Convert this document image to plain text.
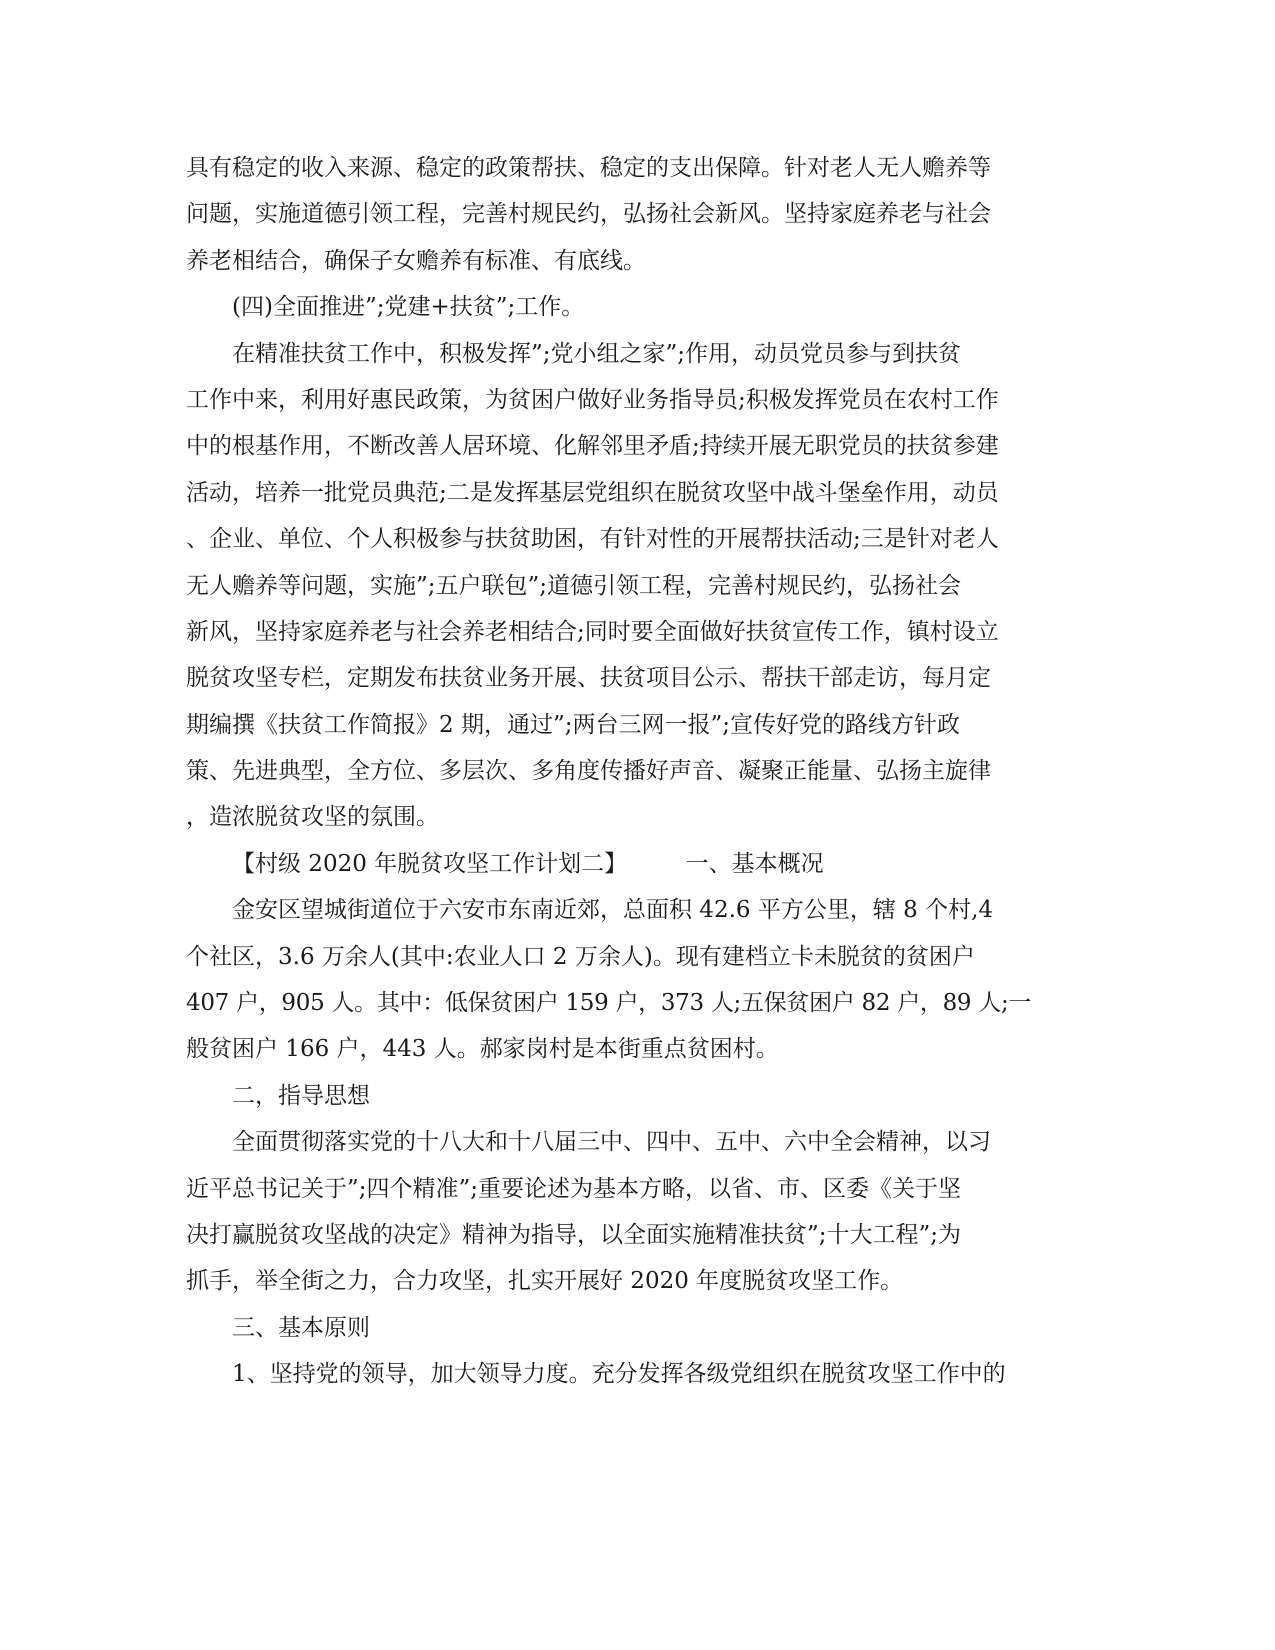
具有稳定的收入来源、稳定的政策帮扶、稳定的支出保障。针对老人无人赡养等
问题，实施道德引领工程，完善村规民约，弘扬社会新风。坚持家庭养老与社会
养老相结合，确保子女赡养有标准、有底线。
(四)全面推进”;党建+扶贫”;工作。
在精准扶贫工作中，积极发挥”;党小组之家”;作用，动员党员参与到扶贫
工作中来，利用好惠民政策，为贫困户做好业务指导员;积极发挥党员在农村工作
中的根基作用，不断改善人居环境、化解邻里矛盾;持续开展无职党员的扶贫参建
活动，培养一批党员典范;二是发挥基层党组织在脱贫攻坚中战斗堡垒作用，动员
、企业、单位、个人积极参与扶贫助困，有针对性的开展帮扶活动;三是针对老人
无人赡养等问题，实施”;五户联包”;道德引领工程，完善村规民约，弘扬社会
新风，坚持家庭养老与社会养老相结合;同时要全面做好扶贫宣传工作，镇村设立
脱贫攻坚专栏，定期发布扶贫业务开展、扶贫项目公示、帮扶干部走访，每月定
期编撰《扶贫工作简报》2 期，通过”;两台三网一报”;宣传好党的路线方针政
策、先进典型，全方位、多层次、多角度传播好声音、凝聚正能量、弘扬主旋律
，造浓脱贫攻坚的氛围。
【村级 2020 年脱贫攻坚工作计划二】        一、基本概况
金安区望城街道位于六安市东南近郊，总面积 42.6 平方公里，辖 8 个村,4
个社区，3.6 万余人(其中:农业人口 2 万余人)。现有建档立卡未脱贫的贫困户
407 户，905 人。其中：低保贫困户 159 户，373 人;五保贫困户 82 户，89 人;一
般贫困户 166 户，443 人。郝家岗村是本街重点贫困村。
二，指导思想
全面贯彻落实党的十八大和十八届三中、四中、五中、六中全会精神，以习
近平总书记关于”;四个精准”;重要论述为基本方略，以省、市、区委《关于坚
决打赢脱贫攻坚战的决定》精神为指导，以全面实施精准扶贫”;十大工程”;为
抓手，举全街之力，合力攻坚，扎实开展好 2020 年度脱贫攻坚工作。
三、基本原则
1、坚持党的领导，加大领导力度。充分发挥各级党组织在脱贫攻坚工作中的
